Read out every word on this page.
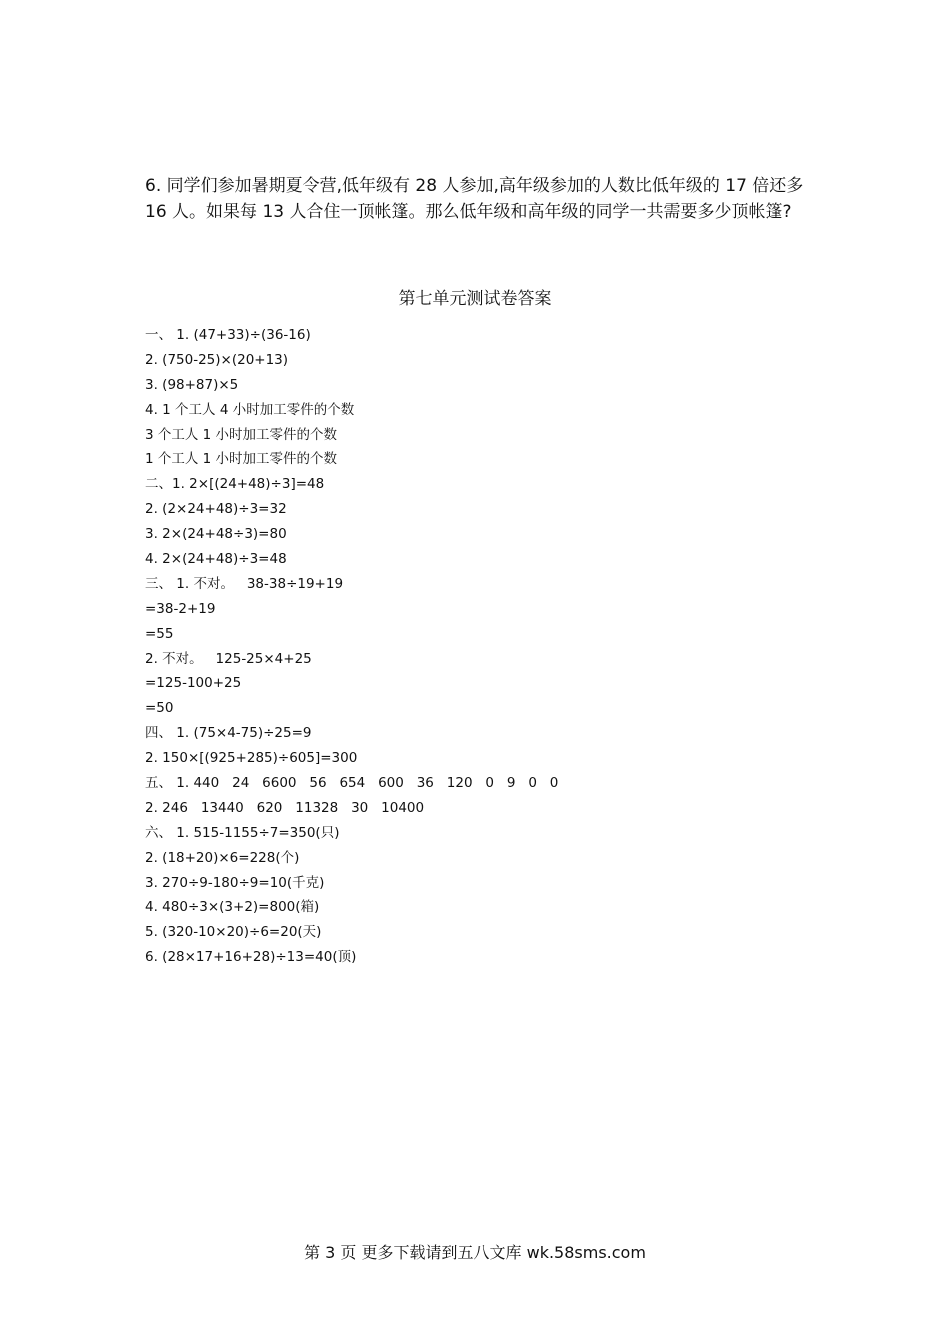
6. 同学们参加暑期夏令营,低年级有 28 人参加,高年级参加的人数比低年级的 17 倍还多 16 人。如果每 13 人合住一顶帐篷。那么低年级和高年级的同学一共需要多少顶帐篷?

第七单元测试卷答案
一、 1. (47+33)÷(36-16)
2. (750-25)×(20+13)
3. (98+87)×5
4. 1 个工人 4 小时加工零件的个数
3 个工人 1 小时加工零件的个数
1 个工人 1 小时加工零件的个数
二、1. 2×[(24+48)÷3]=48
2. (2×24+48)÷3=32
3. 2×(24+48÷3)=80
4. 2×(24+48)÷3=48
三、 1. 不对。   38-38÷19+19
=38-2+19
=55
2. 不对。   125-25×4+25
=125-100+25
=50
四、 1. (75×4-75)÷25=9
2. 150×[(925+285)÷605]=300
五、 1. 440   24   6600   56   654   600   36   120   0   9   0   0
2. 246   13440   620   11328   30   10400
六、 1. 515-1155÷7=350(只)
2. (18+20)×6=228(个)
3. 270÷9-180÷9=10(千克)
4. 480÷3×(3+2)=800(箱)
5. (320-10×20)÷6=20(天)
6. (28×17+16+28)÷13=40(顶)
第 3 页 更多下载请到五八文库 wk.58sms.com
